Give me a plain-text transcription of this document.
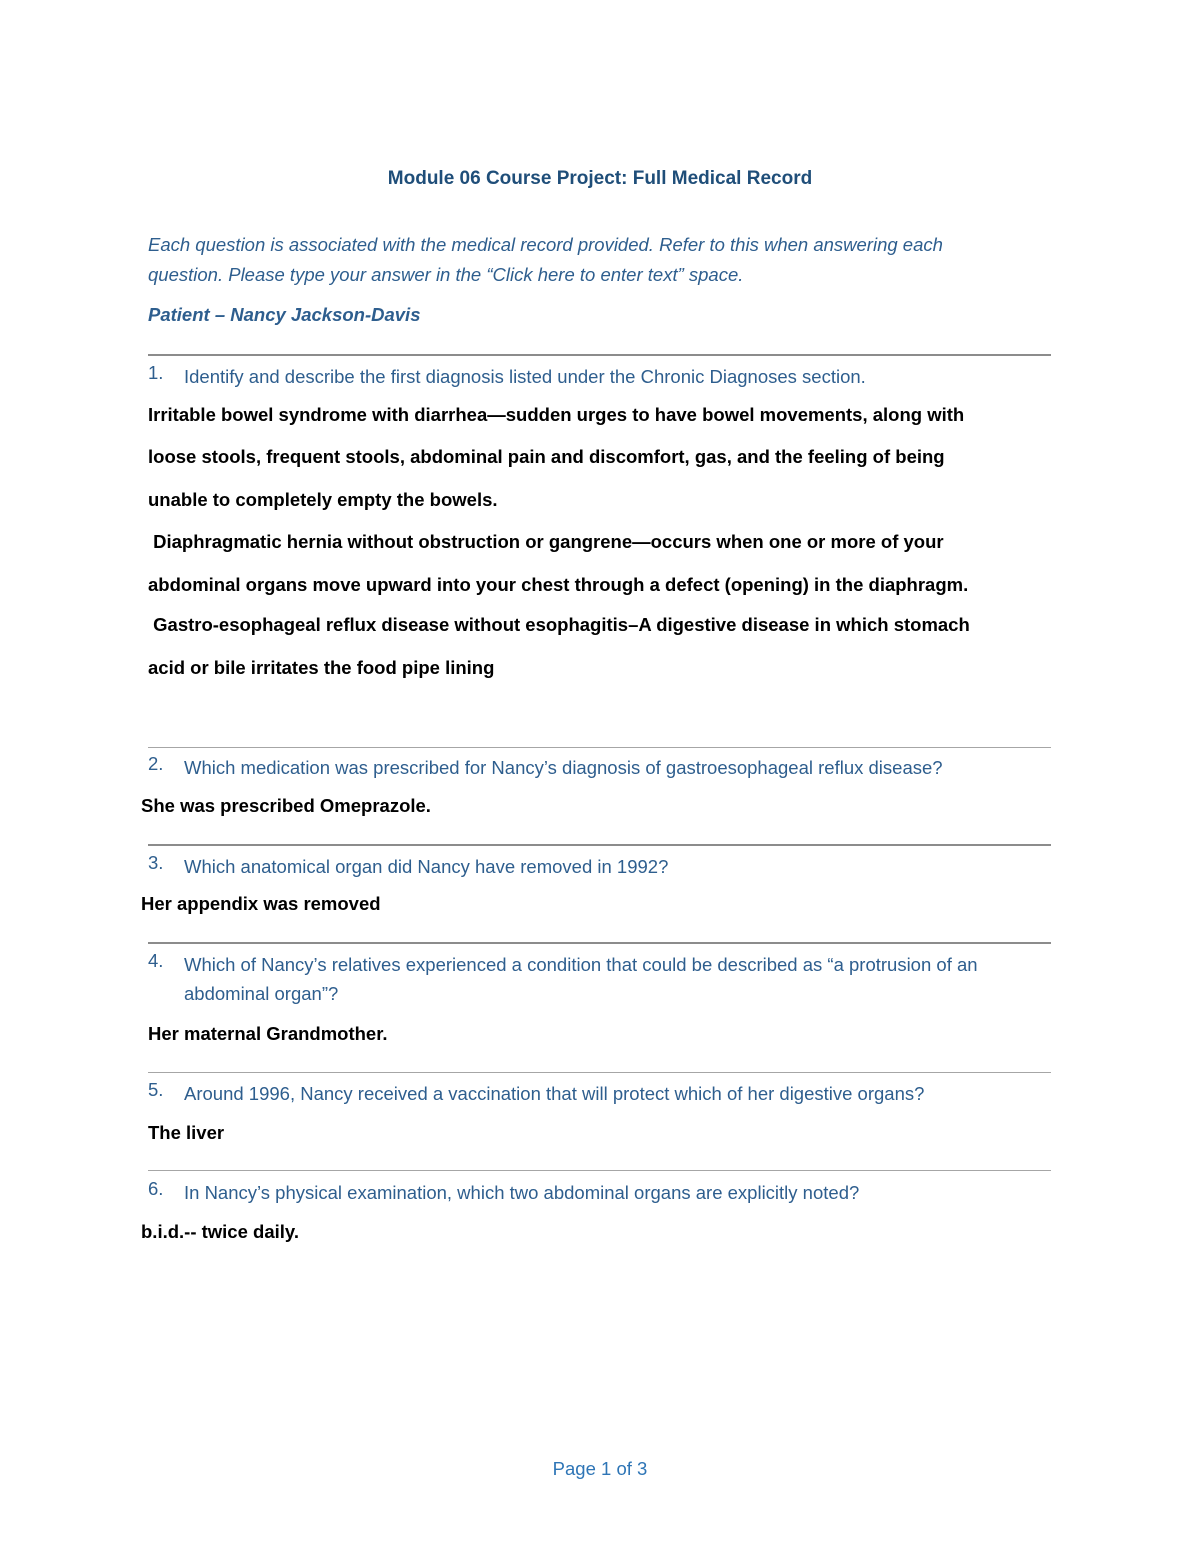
Module 06 Course Project: Full Medical Record
Each question is associated with the medical record provided. Refer to this when answering each
question. Please type your answer in the “Click here to enter text” space.
Patient – Nancy Jackson-Davis
1. Identify and describe the first diagnosis listed under the Chronic Diagnoses section.
Irritable bowel syndrome with diarrhea—sudden urges to have bowel movements, along with
loose stools, frequent stools, abdominal pain and discomfort, gas, and the feeling of being
unable to completely empty the bowels.
Diaphragmatic hernia without obstruction or gangrene—occurs when one or more of your
abdominal organs move upward into your chest through a defect (opening) in the diaphragm.
Gastro-esophageal reflux disease without esophagitis–A digestive disease in which stomach
acid or bile irritates the food pipe lining
2. Which medication was prescribed for Nancy’s diagnosis of gastroesophageal reflux disease?
She was prescribed Omeprazole.
3. Which anatomical organ did Nancy have removed in 1992?
Her appendix was removed
4. Which of Nancy’s relatives experienced a condition that could be described as “a protrusion of an abdominal organ”?
Her maternal Grandmother.
5. Around 1996, Nancy received a vaccination that will protect which of her digestive organs?
The liver
6. In Nancy’s physical examination, which two abdominal organs are explicitly noted?
b.i.d.-- twice daily.
Page 1 of 3
